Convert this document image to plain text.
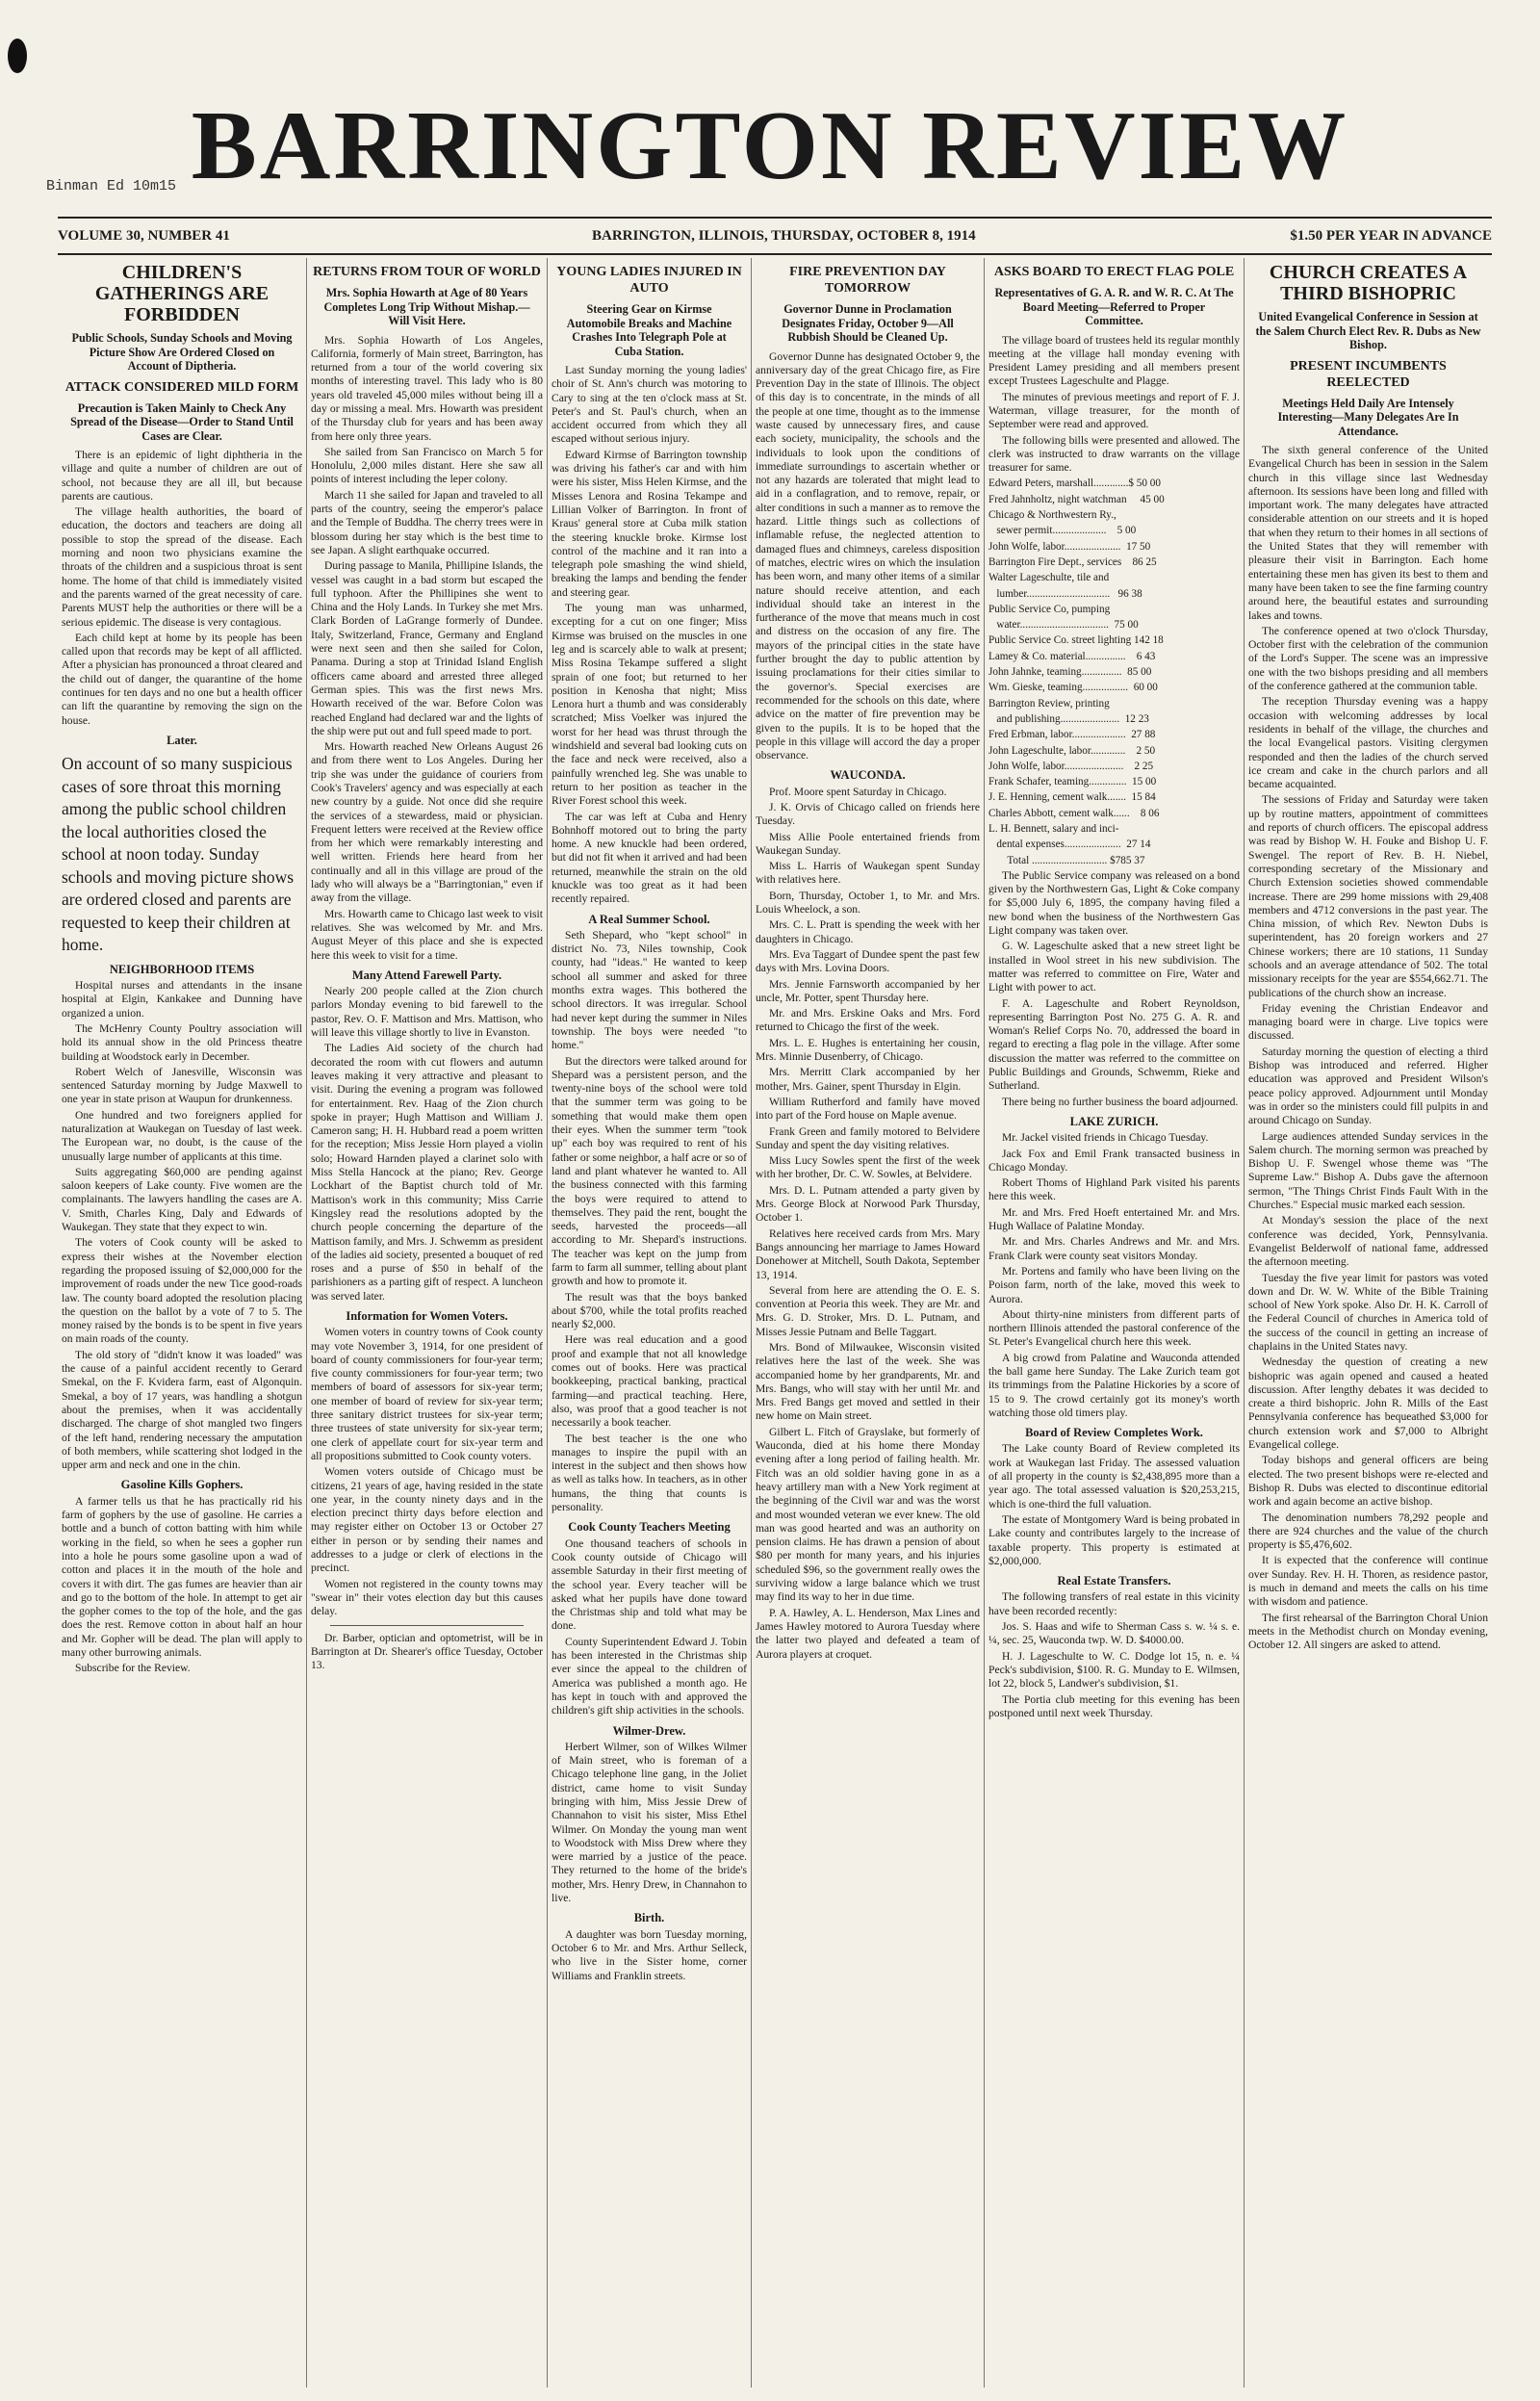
BARRINGTON REVIEW
Binman Ed 10m15
VOLUME 30, NUMBER 41	BARRINGTON, ILLINOIS, THURSDAY, OCTOBER 8, 1914	$1.50 PER YEAR IN ADVANCE
CHILDREN'S GATHERINGS ARE FORBIDDEN
Public Schools, Sunday Schools and Moving Picture Show Are Ordered Closed on Account of Diptheria.
ATTACK CONSIDERED MILD FORM
Precaution is Taken Mainly to Check Any Spread of the Disease—Order to Stand Until Cases are Clear.

There is an epidemic of light diphtheria in the village and quite a number of children are out of school, not because they are all ill, but because parents are cautious.

The village health authorities, the board of education, the doctors and teachers are doing all possible to stop the spread of the disease. Each morning and noon two physicians examine the throats of the children and a suspicious throat is sent home. The home of that child is immediately visited and the parents warned of the great necessity of care. Parents MUST help the authorities or there will be a serious epidemic. The disease is very contagious.

Each child kept at home by its people has been called upon that records may be kept of all afflicted. After a physician has pronounced a throat cleared and the child out of danger, the quarantine of the home continues for ten days and no one but a health officer can lift the quarantine by removing the sign on the house.

Later.
On account of so many suspicious cases of sore throat this morning among the public school children the local authorities closed the school at noon today. Sunday schools and moving picture shows are ordered closed and parents are requested to keep their children at home.
NEIGHBORHOOD ITEMS

Hospital nurses and attendants in the insane hospital at Elgin, Kankakee and Dunning have organized a union.

The McHenry County Poultry association will hold its annual show in the old Princess theatre building at Woodstock early in December.

Robert Welch of Janesville, Wisconsin was sentenced Saturday morning by Judge Maxwell to one year in state prison at Waupun for drunkenness.

One hundred and two foreigners applied for naturalization at Waukegan on Tuesday of last week. The European war, no doubt, is the cause of the unusually large number of applicants at this time.

Suits aggregating $60,000 are pending against saloon keepers of Lake county. Five women are the complainants. The lawyers handling the cases are A. V. Smith, Charles King, Daly and Edwards of Waukegan. They state that they expect to win.

The voters of Cook county will be asked to express their wishes at the November election regarding the proposed issuing of $2,000,000 for the improvement of roads under the new Tice good-roads law. The county board adopted the resolution placing the question on the ballot by a vote of 7 to 5. The money raised by the bonds is to be spent in five years on main roads of the county.

The old story of "didn't know it was loaded" was the cause of a painful accident recently to Gerard Smekal, on the F. Kvidera farm, east of Algonquin. Smekal, a boy of 17 years, was handling a shotgun about the premises, when it was accidentally discharged. The charge of shot mangled two fingers of the left hand, rendering necessary the amputation of both members, while scattering shot lodged in the upper arm and neck and one in the chin.

Gasoline Kills Gophers.

A farmer tells us that he has practically rid his farm of gophers by the use of gasoline. He carries a bottle and a bunch of cotton batting with him while working in the field, so when he sees a gopher run into a hole he pours some gasoline upon a wad of cotton and places it in the mouth of the hole and covers it with dirt. The gas fumes are heavier than air and go to the bottom of the hole. In attempt to get air the gopher comes to the top of the hole, and the gas does the rest. Remove cotton in about half an hour and Mr. Gopher will be dead. The plan will apply to many other burrowing animals.

Subscribe for the Review.

RETURNS FROM TOUR OF WORLD
Mrs. Sophia Howarth at Age of 80 Years Completes Long Trip Without Mishap.—Will Visit Here.

Mrs. Sophia Howarth of Los Angeles, California, formerly of Main street, Barrington, has returned from a tour of the world covering six months of interesting travel. This lady who is 80 years old traveled 45,000 miles without being ill a day or missing a meal. Mrs. Howarth was president of the Thursday club for years and has been away from here only three years.

She sailed from San Francisco on March 5 for Honolulu, 2,000 miles distant. Here she saw all points of interest including the leper colony.

March 11 she sailed for Japan and traveled to all parts of the country, seeing the emperor's palace and the Temple of Buddha. The cherry trees were in blossom during her stay which is the best time to see Japan. A slight earthquake occurred.

During passage to Manila, Phillipine Islands, the vessel was caught in a bad storm but escaped the full typhoon. After the Phillipines she went to China and the Holy Lands. In Turkey she met Mrs. Clark Borden of LaGrange formerly of Dundee. Italy, Switzerland, France, Germany and England were next seen and then she sailed for Colon, Panama. During a stop at Trinidad Island English officers came aboard and arrested three alleged German spies. This was the first news Mrs. Howarth received of the war. Before Colon was reached England had declared war and the lights of the ship were put out and full speed made to port.

Mrs. Howarth reached New Orleans August 26 and from there went to Los Angeles. During her trip she was under the guidance of couriers from Cook's Travelers' agency and was especially at each new country by a guide. Not once did she require the services of a stewardess, maid or physician. Frequent letters were received at the Review office from her which were remarkably interesting and well written. Friends here heard from her continually and all in this village are proud of the lady who will always be a "Barringtonian," even if away from the village.

Mrs. Howarth came to Chicago last week to visit relatives. She was welcomed by Mr. and Mrs. August Meyer of this place and she is expected here this week to visit for a time.

Many Attend Farewell Party.

Nearly 200 people called at the Zion church parlors Monday evening to bid farewell to the pastor, Rev. O. F. Mattison and Mrs. Mattison, who will leave this village shortly to live in Evanston.

The Ladies Aid society of the church had decorated the room with cut flowers and autumn leaves making it very attractive and pleasant to visit. During the evening a program was followed for entertainment. Rev. Haag of the Zion church spoke in prayer; Hugh Mattison and William J. Cameron sang; H. H. Hubbard read a poem written for the reception; Miss Jessie Horn played a violin solo; Howard Harnden played a clarinet solo with Miss Stella Hancock at the piano; Rev. George Lockhart of the Baptist church told of Mr. Mattison's work in this community; Miss Carrie Kingsley read the resolutions adopted by the church people concerning the departure of the Mattison family, and Mrs. J. Schwemm as president of the ladies aid society, presented a bouquet of red roses and a purse of $50 in behalf of the parishioners as a parting gift of respect. A luncheon was served later.

Information for Women Voters.

Women voters in country towns of Cook county may vote November 3, 1914, for one president of board of county commissioners for four-year term; five county commissioners for four-year term; two members of board of assessors for six-year term; one member of board of review for six-year term; three sanitary district trustees for six-year term; three trustees of state university for six-year term; one clerk of appellate court for six-year term and all propositions submitted to Cook county voters.

Women voters outside of Chicago must be citizens, 21 years of age, having resided in the state one year, in the county ninety days and in the election precinct thirty days before election and may register either on October 13 or October 27 either in person or by sending their names and addresses to a judge or clerk of elections in the precinct.

Women not registered in the county towns may "swear in" their votes election day but this causes delay.

Dr. Barber, optician and optometrist, will be in Barrington at Dr. Shearer's office Tuesday, October 13.

YOUNG LADIES INJURED IN AUTO
Steering Gear on Kirmse Automobile Breaks and Machine Crashes Into Telegraph Pole at Cuba Station.

Last Sunday morning the young ladies' choir of St. Ann's church was motoring to Cary to sing at the ten o'clock mass at St. Peter's and St. Paul's church, when an accident occurred from which they all escaped without serious injury.

Edward Kirmse of Barrington township was driving his father's car and with him were his sister, Miss Helen Kirmse, and the Misses Lenora and Rosina Tekampe and Lillian Volker of Barrington. In front of Kraus' general store at Cuba milk station the steering knuckle broke. Kirmse lost control of the machine and it ran into a telegraph pole smashing the wind shield, breaking the lamps and bending the fender and steering gear.

The young man was unharmed, excepting for a cut on one finger; Miss Kirmse was bruised on the muscles in one leg and is scarcely able to walk at present; Miss Rosina Tekampe suffered a slight sprain of one foot; but returned to her position in Kenosha that night; Miss Lenora hurt a thumb and was considerably scratched; Miss Voelker was injured the worst for her head was thrust through the windshield and several bad looking cuts on the face and neck were received, also a painfully wrenched leg. She was unable to return to her position as teacher in the River Forest school this week.

The car was left at Cuba and Henry Bohnhoff motored out to bring the party home. A new knuckle had been ordered, but did not fit when it arrived and had been returned, meanwhile the strain on the old knuckle was too great as it had been recently repaired.

A Real Summer School.

Seth Shepard, who "kept school" in district No. 73, Niles township, Cook county, had "ideas." He wanted to keep school all summer and asked for three months extra wages. This bothered the school directors. It was irregular. School had never kept during the summer in Niles township. The boys were needed "to home."

But the directors were talked around for Shepard was a persistent person, and the twenty-nine boys of the school were told that the summer term was going to be something that would make them open their eyes. When the summer term "took up" each boy was required to rent of his father or some neighbor, a half acre or so of land and plant whatever he wanted to. All the business connected with this farming the boys were required to attend to themselves. They paid the rent, bought the seeds, harvested the proceeds—all according to Mr. Shepard's instructions. The teacher was kept on the jump from farm to farm all summer, telling about plant growth and how to promote it.

The result was that the boys banked about $700, while the total profits reached nearly $2,000.

Here was real education and a good proof and example that not all knowledge comes out of books. Here was practical bookkeeping, practical banking, practical farming—and practical teaching. Here, also, was proof that a good teacher is not necessarily a book teacher.

The best teacher is the one who manages to inspire the pupil with an interest in the subject and then shows how as well as talks how. In teachers, as in other humans, the thing that counts is personality.

Cook County Teachers Meeting

One thousand teachers of schools in Cook county outside of Chicago will assemble Saturday in their first meeting of the school year. Every teacher will be asked what her pupils have done toward the Christmas ship and told what may be done.

County Superintendent Edward J. Tobin has been interested in the Christmas ship ever since the appeal to the children of America was published a month ago. He has kept in touch with and approved the children's gift ship activities in the schools.

Wilmer-Drew.

Herbert Wilmer, son of Wilkes Wilmer of Main street, who is foreman of a Chicago telephone line gang, in the Joliet district, came home to visit Sunday bringing with him, Miss Jessie Drew of Channahon to visit his sister, Miss Ethel Wilmer. On Monday the young man went to Woodstock with Miss Drew where they were married by a justice of the peace. They returned to the home of the bride's mother, Mrs. Henry Drew, in Channahon to live.

Birth.

A daughter was born Tuesday morning, October 6 to Mr. and Mrs. Arthur Selleck, who live in the Sister home, corner Williams and Franklin streets.

FIRE PREVENTION DAY TOMORROW
Governor Dunne in Proclamation Designates Friday, October 9—All Rubbish Should be Cleaned Up.

Governor Dunne has designated October 9, the anniversary day of the great Chicago fire, as Fire Prevention Day in the state of Illinois. The object of this day is to concentrate, in the minds of all the people at one time, thought as to the immense waste caused by unnecessary fires, and cause each society, municipality, the schools and the individuals to look upon the conditions of immediate surroundings to ascertain whether or not any hazards are tolerated that might lead to aid in a conflagration, and to remove, repair, or alter conditions in such a manner as to remove the hazard. Little things such as collections of inflamable refuse, the neglected attention to damaged flues and chimneys, careless disposition of matches, electric wires on which the insulation has been worn, and many other items of a similar nature should receive attention, and each individual should take an interest in the furtherance of the move that means much in cost and distress on the occasion of any fire. The mayors of the principal cities in the state have further brought the day to public attention by issuing proclamations for their cities similar to the governor's. Special exercises are recommended for the schools on this date, where advice on the matter of fire prevention may be given to the pupils. It is to be hoped that the people in this village will accord the day a proper observance.

WAUCONDA.

Prof. Moore spent Saturday in Chicago.

J. K. Orvis of Chicago called on friends here Tuesday.

Miss Allie Poole entertained friends from Waukegan Sunday.

Miss L. Harris of Waukegan spent Sunday with relatives here.

Born, Thursday, October 1, to Mr. and Mrs. Louis Wheelock, a son.

Mrs. C. L. Pratt is spending the week with her daughters in Chicago.

Mrs. Eva Taggart of Dundee spent the past few days with Mrs. Lovina Doors.

Mrs. Jennie Farnsworth accompanied by her uncle, Mr. Potter, spent Thursday here.

Mr. and Mrs. Erskine Oaks and Mrs. Ford returned to Chicago the first of the week.

Mrs. L. E. Hughes is entertaining her cousin, Mrs. Minnie Dusenberry, of Chicago.

Mrs. Merritt Clark accompanied by her mother, Mrs. Gainer, spent Thursday in Elgin.

William Rutherford and family have moved into part of the Ford house on Maple avenue.

Frank Green and family motored to Belvidere Sunday and spent the day visiting relatives.

Miss Lucy Sowles spent the first of the week with her brother, Dr. C. W. Sowles, at Belvidere.

Mrs. D. L. Putnam attended a party given by Mrs. George Block at Norwood Park Thursday, October 1.

Relatives here received cards from Mrs. Mary Bangs announcing her marriage to James Howard Donehower at Mitchell, South Dakota, September 13, 1914.

Several from here are attending the O. E. S. convention at Peoria this week. They are Mr. and Mrs. G. D. Stroker, Mrs. D. L. Putnam, and Misses Jessie Putnam and Belle Taggart.

Mrs. Bond of Milwaukee, Wisconsin visited relatives here the last of the week. She was accompanied home by her grandparents, Mr. and Mrs. Bangs, who will stay with her until Mr. and Mrs. Fred Bangs get moved and settled in their new home on Main street.

Gilbert L. Fitch of Grayslake, but formerly of Wauconda, died at his home there Monday evening after a long period of failing health. Mr. Fitch was an old soldier having gone in as a heavy artillery man with a New York regiment at the beginning of the Civil war and was the worst and most wounded veteran we ever knew. The old man was good hearted and was an authority on pension claims. He has drawn a pension of about $80 per month for many years, and his injuries scheduled $96, so the government really owes the surviving widow a large balance which we trust may find its way to her in due time.

P. A. Hawley, A. L. Henderson, Max Lines and James Hawley motored to Aurora Tuesday where the latter two played and defeated a team of Aurora players at croquet.

ASKS BOARD TO ERECT FLAG POLE
Representatives of G. A. R. and W. R. C. At The Board Meeting—Referred to Proper Committee.

The village board of trustees held its regular monthly meeting at the village hall monday evening with President Lamey presiding and all members present except Trustees Lageschulte and Plagge.

The minutes of previous meetings and report of F. J. Waterman, village treasurer, for the month of September were read and approved.

The following bills were presented and allowed. The clerk was instructed to draw warrants on the village treasurer for same.

Edward Peters, marshall.............$ 50 00

Fred Jahnholtz, night watchman     45 00

Chicago & Northwestern Ry.,

sewer permit....................    5 00

John Wolfe, labor.....................  17 50

Barrington Fire Dept., services    86 25

Walter Lageschulte, tile and

lumber...............................   96 38

Public Service Co, pumping

water.................................  75 00

Public Service Co. street lighting 142 18

Lamey & Co. material...............    6 43

John Jahnke, teaming...............  85 00

Wm. Gieske, teaming.................  60 00

Barrington Review, printing

and publishing......................  12 23

Fred Erbman, labor....................  27 88

John Lageschulte, labor.............    2 50

John Wolfe, labor......................    2 25

Frank Schafer, teaming..............  15 00

J. E. Henning, cement walk.......  15 84

Charles Abbott, cement walk......    8 06

L. H. Bennett, salary and inci-

dental expenses.....................  27 14

Total ............................ $785 37

The Public Service company was released on a bond given by the Northwestern Gas, Light & Coke company for $5,000 July 6, 1895, the company having filed a new bond when the business of the Northwestern Gas Light company was taken over.

G. W. Lageschulte asked that a new street light be installed in Wool street in his new subdivision. The matter was referred to committee on Fire, Water and Light with power to act.

F. A. Lageschulte and Robert Reynoldson, representing Barrington Post No. 275 G. A. R. and Woman's Relief Corps No. 70, addressed the board in regard to erecting a flag pole in the village. After some discussion the matter was referred to the committee on Public Buildings and Grounds, Schwemm, Rieke and Sutherland.

There being no further business the board adjourned.

LAKE ZURICH.

Mr. Jackel visited friends in Chicago Tuesday.

Jack Fox and Emil Frank transacted business in Chicago Monday.

Robert Thoms of Highland Park visited his parents here this week.

Mr. and Mrs. Fred Hoeft entertained Mr. and Mrs. Hugh Wallace of Palatine Monday.

Mr. and Mrs. Charles Andrews and Mr. and Mrs. Frank Clark were county seat visitors Monday.

Mr. Portens and family who have been living on the Poison farm, north of the lake, moved this week to Aurora.

About thirty-nine ministers from different parts of northern Illinois attended the pastoral conference of the St. Peter's Evangelical church here this week.

A big crowd from Palatine and Wauconda attended the ball game here Sunday. The Lake Zurich team got its trimmings from the Palatine Hickories by a score of 15 to 9. The crowd certainly got its money's worth watching those old timers play.

Board of Review Completes Work.

The Lake county Board of Review completed its work at Waukegan last Friday. The assessed valuation of all property in the county is $2,438,895 more than a year ago. The total assessed valuation is $20,253,215, which is one-third the full valuation.

The estate of Montgomery Ward is being probated in Lake county and contributes largely to the increase of taxable property. This property is estimated at $2,000,000.

Real Estate Transfers.

The following transfers of real estate in this vicinity have been recorded recently:

Jos. S. Haas and wife to Sherman Cass s. w. ¼ s. e. ¼, sec. 25, Wauconda twp. W. D. $4000.00.

H. J. Lageschulte to W. C. Dodge lot 15, n. e. ¼ Peck's subdivision, $100. R. G. Munday to E. Wilmsen, lot 22, block 5, Landwer's subdivision, $1.

The Portia club meeting for this evening has been postponed until next week Thursday.

CHURCH CREATES A THIRD BISHOPRIC
United Evangelical Conference in Session at the Salem Church Elect Rev. R. Dubs as New Bishop.
PRESENT INCUMBENTS REELECTED
Meetings Held Daily Are Intensely Interesting—Many Delegates Are In Attendance.

The sixth general conference of the United Evangelical Church has been in session in the Salem church in this village since last Wednesday afternoon. Its sessions have been long and filled with important work. The many delegates have attracted considerable attention on our streets and it is hoped that when they return to their homes in all sections of the United States that they will remember with pleasure their visit in Barrington. Each home entertaining these men has given its best to them and many have been taken to see the fine farming country around here, the beautiful estates and surrounding lakes and towns.

The conference opened at two o'clock Thursday, October first with the celebration of the communion of the Lord's Supper. The scene was an impressive one with the two bishops presiding and all members of the conference gathered at the communion table.

The reception Thursday evening was a happy occasion with welcoming addresses by local residents in behalf of the village, the churches and the local Evangelical pastors. Visiting clergymen responded and then the ladies of the church served ice cream and cake in the church parlors and all became acquainted.

The sessions of Friday and Saturday were taken up by routine matters, appointment of committees and reports of church officers. The episcopal address was read by Bishop W. H. Fouke and Bishop U. F. Swengel. The report of Rev. B. H. Niebel, corresponding secretary of the Missionary and Church Extension societies showed commendable increase. There are 299 home missions with 29,408 members and 4712 conversions in the past year. The China mission, of which Rev. Newton Dubs is superintendent, has 20 foreign workers and 27 Chinese workers; there are 10 stations, 11 Sunday schools and an average attendance of 502. The total missionary receipts for the year are $554,662.71. The publications of the church show an increase.

Friday evening the Christian Endeavor and managing board were in charge. Live topics were discussed.

Saturday morning the question of electing a third Bishop was introduced and referred. Higher education was approved and President Wilson's peace policy approved. Adjournment until Monday was in order so the ministers could fill pulpits in and around Chicago on Sunday.

Large audiences attended Sunday services in the Salem church. The morning sermon was preached by Bishop U. F. Swengel whose theme was "The Supreme Law." Bishop A. Dubs gave the afternoon sermon, "The Things Christ Finds Fault With in the Churches." Especial music marked each session.

At Monday's session the place of the next conference was decided, York, Pennsylvania. Evangelist Belderwolf of national fame, addressed the afternoon meeting.

Tuesday the five year limit for pastors was voted down and Dr. W. W. White of the Bible Training school of New York spoke. Also Dr. H. K. Carroll of the Federal Council of churches in America told of the success of the council in getting an increase of chaplains in the United States navy.

Wednesday the question of creating a new bishopric was again opened and caused a heated discussion. After lengthy debates it was decided to create a third bishopric. John R. Mills of the East Pennsylvania conference has bequeathed $3,000 for church extension work and $7,000 to Albright Evangelical college.

Today bishops and general officers are being elected. The two present bishops were re-elected and Bishop R. Dubs was elected to discontinue editorial work and again become an active bishop.

The denomination numbers 78,292 people and there are 924 churches and the value of the church property is $5,476,602.

It is expected that the conference will continue over Sunday. Rev. H. H. Thoren, as residence pastor, is much in demand and meets the calls on his time with wisdom and patience.

The first rehearsal of the Barrington Choral Union meets in the Methodist church on Monday evening, October 12. All singers are asked to attend.
